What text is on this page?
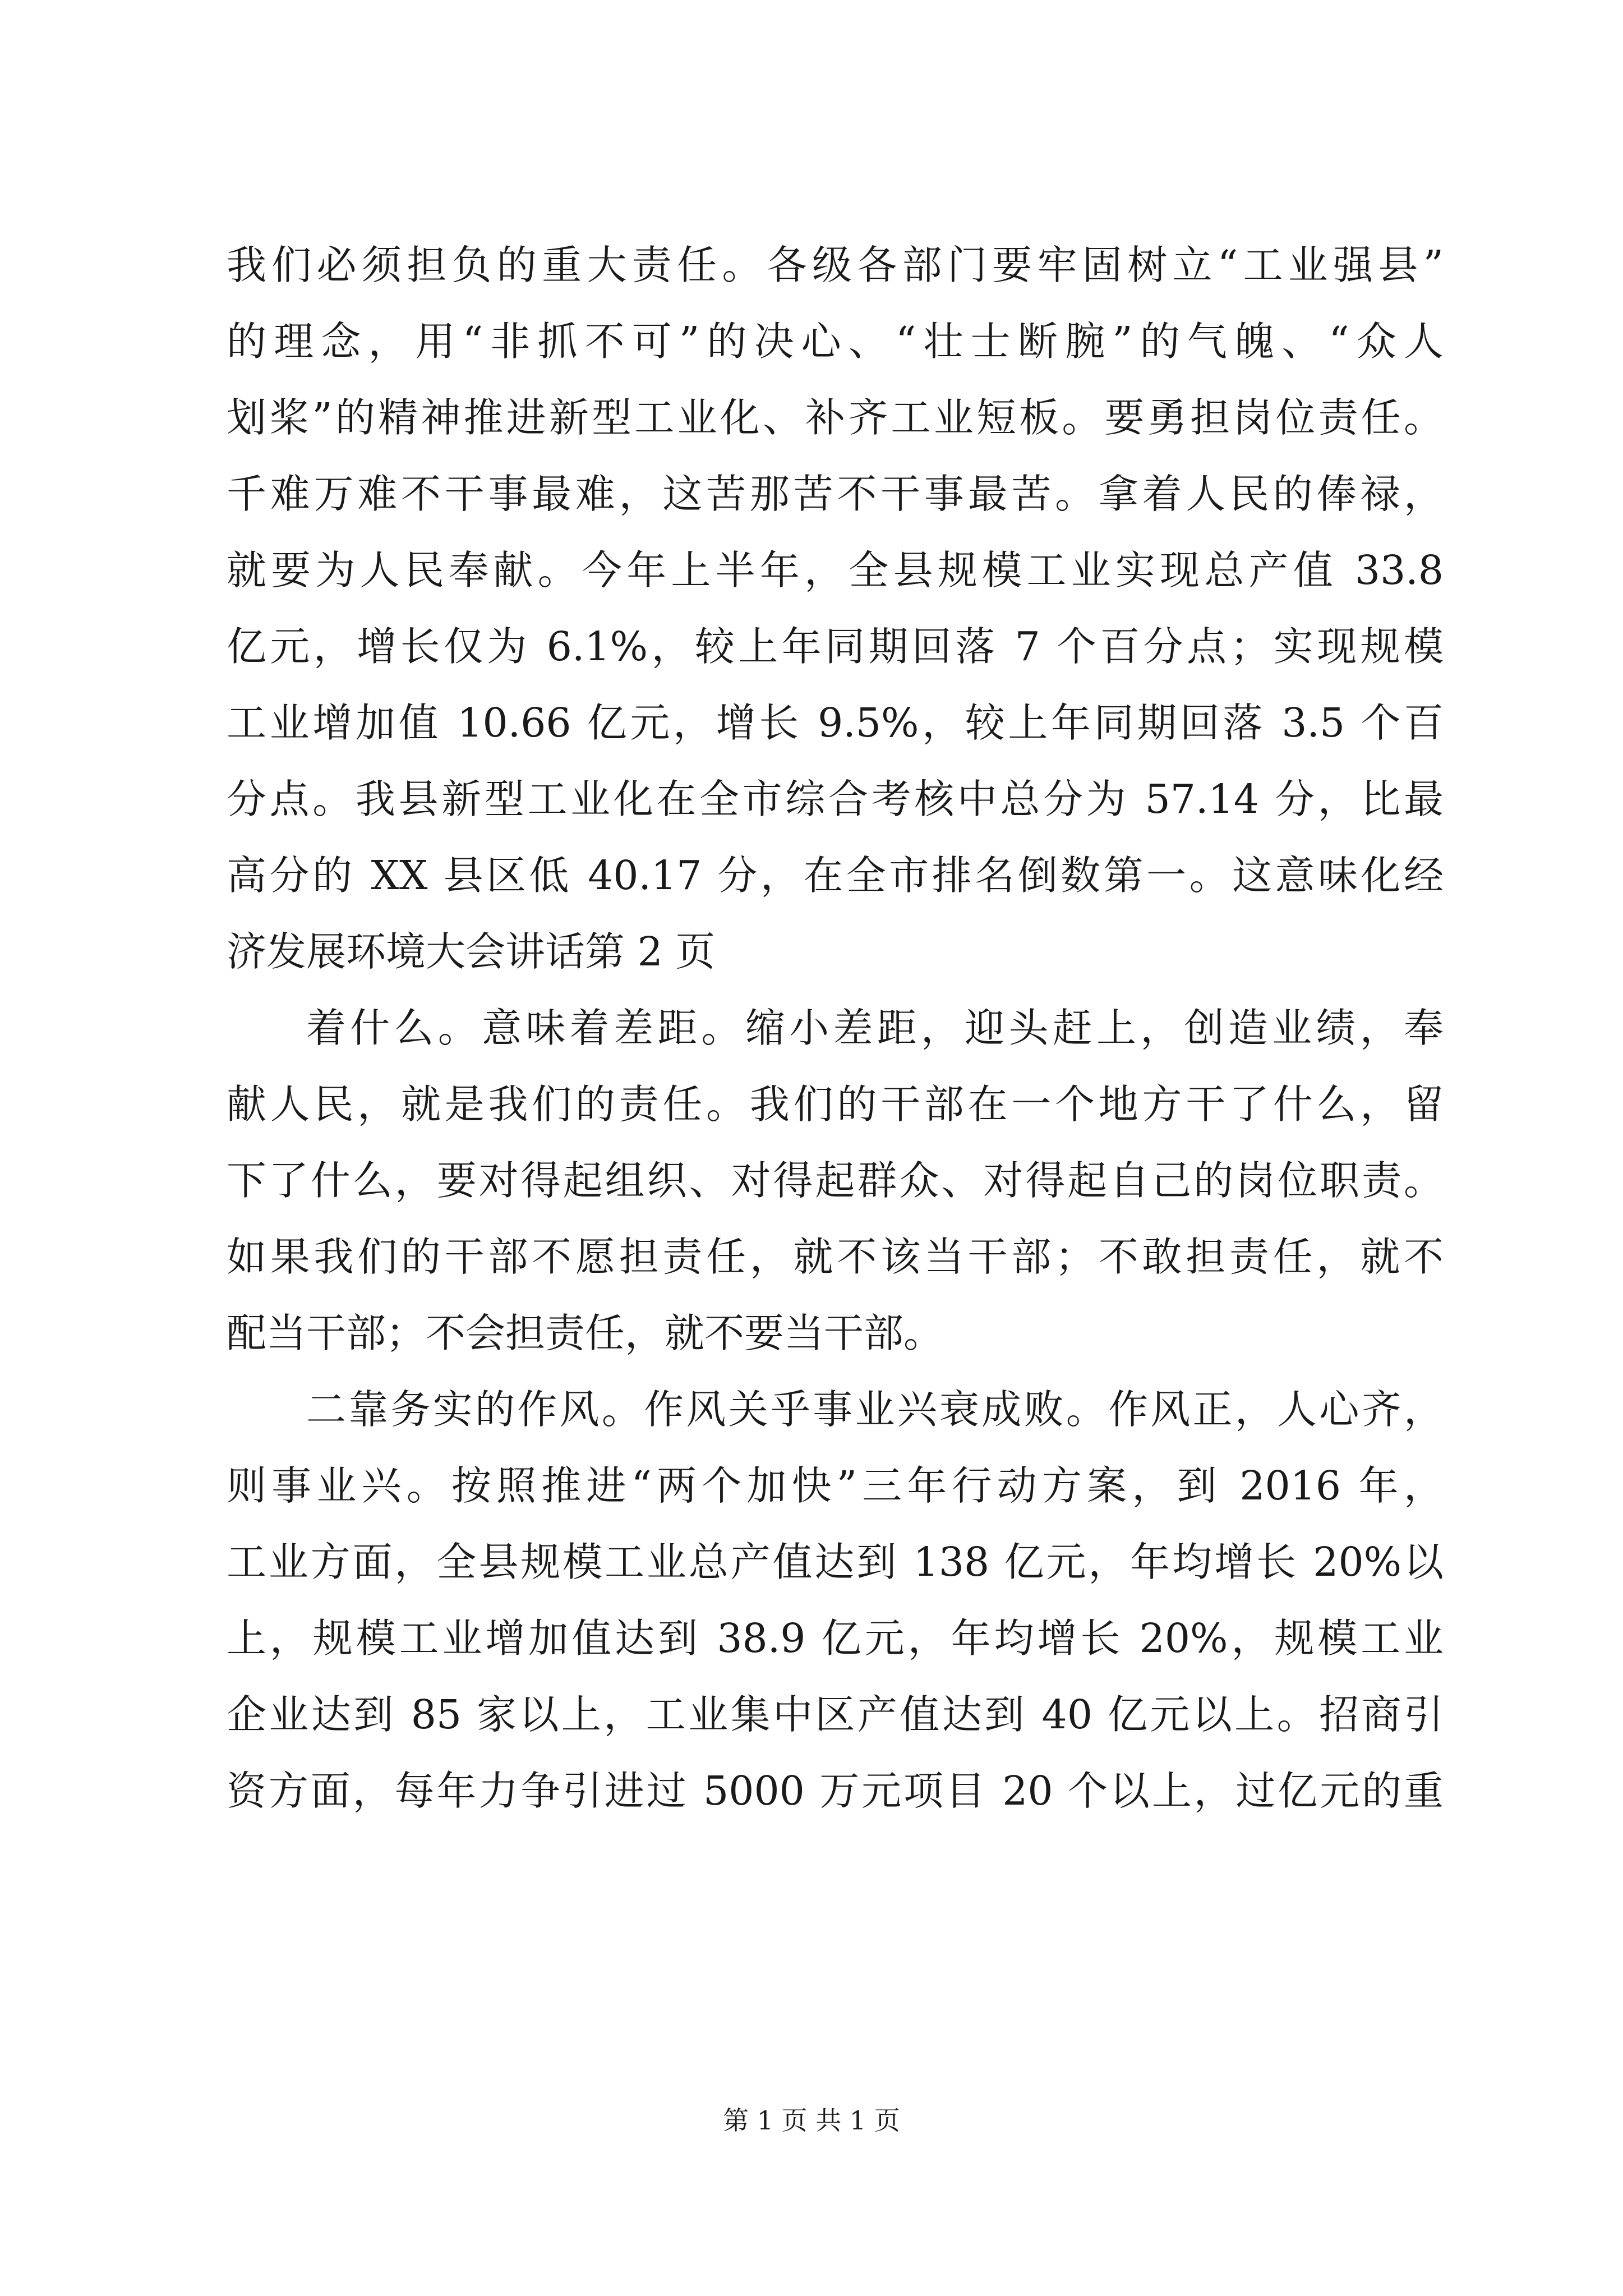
我们必须担负的重大责任。各级各部门要牢固树立“工业强县”
的理念，用“非抓不可”的决心、“壮士断腕”的气魄、“众人
划桨”的精神推进新型工业化、补齐工业短板。要勇担岗位责任。
千难万难不干事最难，这苦那苦不干事最苦。拿着人民的俸禄，
就要为人民奉献。今年上半年，全县规模工业实现总产值 33.8
亿元，增长仅为 6.1%，较上年同期回落 7 个百分点；实现规模
工业增加值 10.66 亿元，增长 9.5%，较上年同期回落 3.5 个百
分点。我县新型工业化在全市综合考核中总分为 57.14 分，比最
高分的 XX 县区低 40.17 分，在全市排名倒数第一。这意味化经
济发展环境大会讲话第 2 页
着什么。意味着差距。缩小差距，迎头赶上，创造业绩，奉
献人民，就是我们的责任。我们的干部在一个地方干了什么，留
下了什么，要对得起组织、对得起群众、对得起自己的岗位职责。
如果我们的干部不愿担责任，就不该当干部；不敢担责任，就不
配当干部；不会担责任，就不要当干部。
二靠务实的作风。作风关乎事业兴衰成败。作风正，人心齐，
则事业兴。按照推进“两个加快”三年行动方案，到 2016 年，
工业方面，全县规模工业总产值达到 138 亿元，年均增长 20%以
上，规模工业增加值达到 38.9 亿元，年均增长 20%，规模工业
企业达到 85 家以上，工业集中区产值达到 40 亿元以上。招商引
资方面，每年力争引进过 5000 万元项目 20 个以上，过亿元的重
第 1 页 共 1 页
